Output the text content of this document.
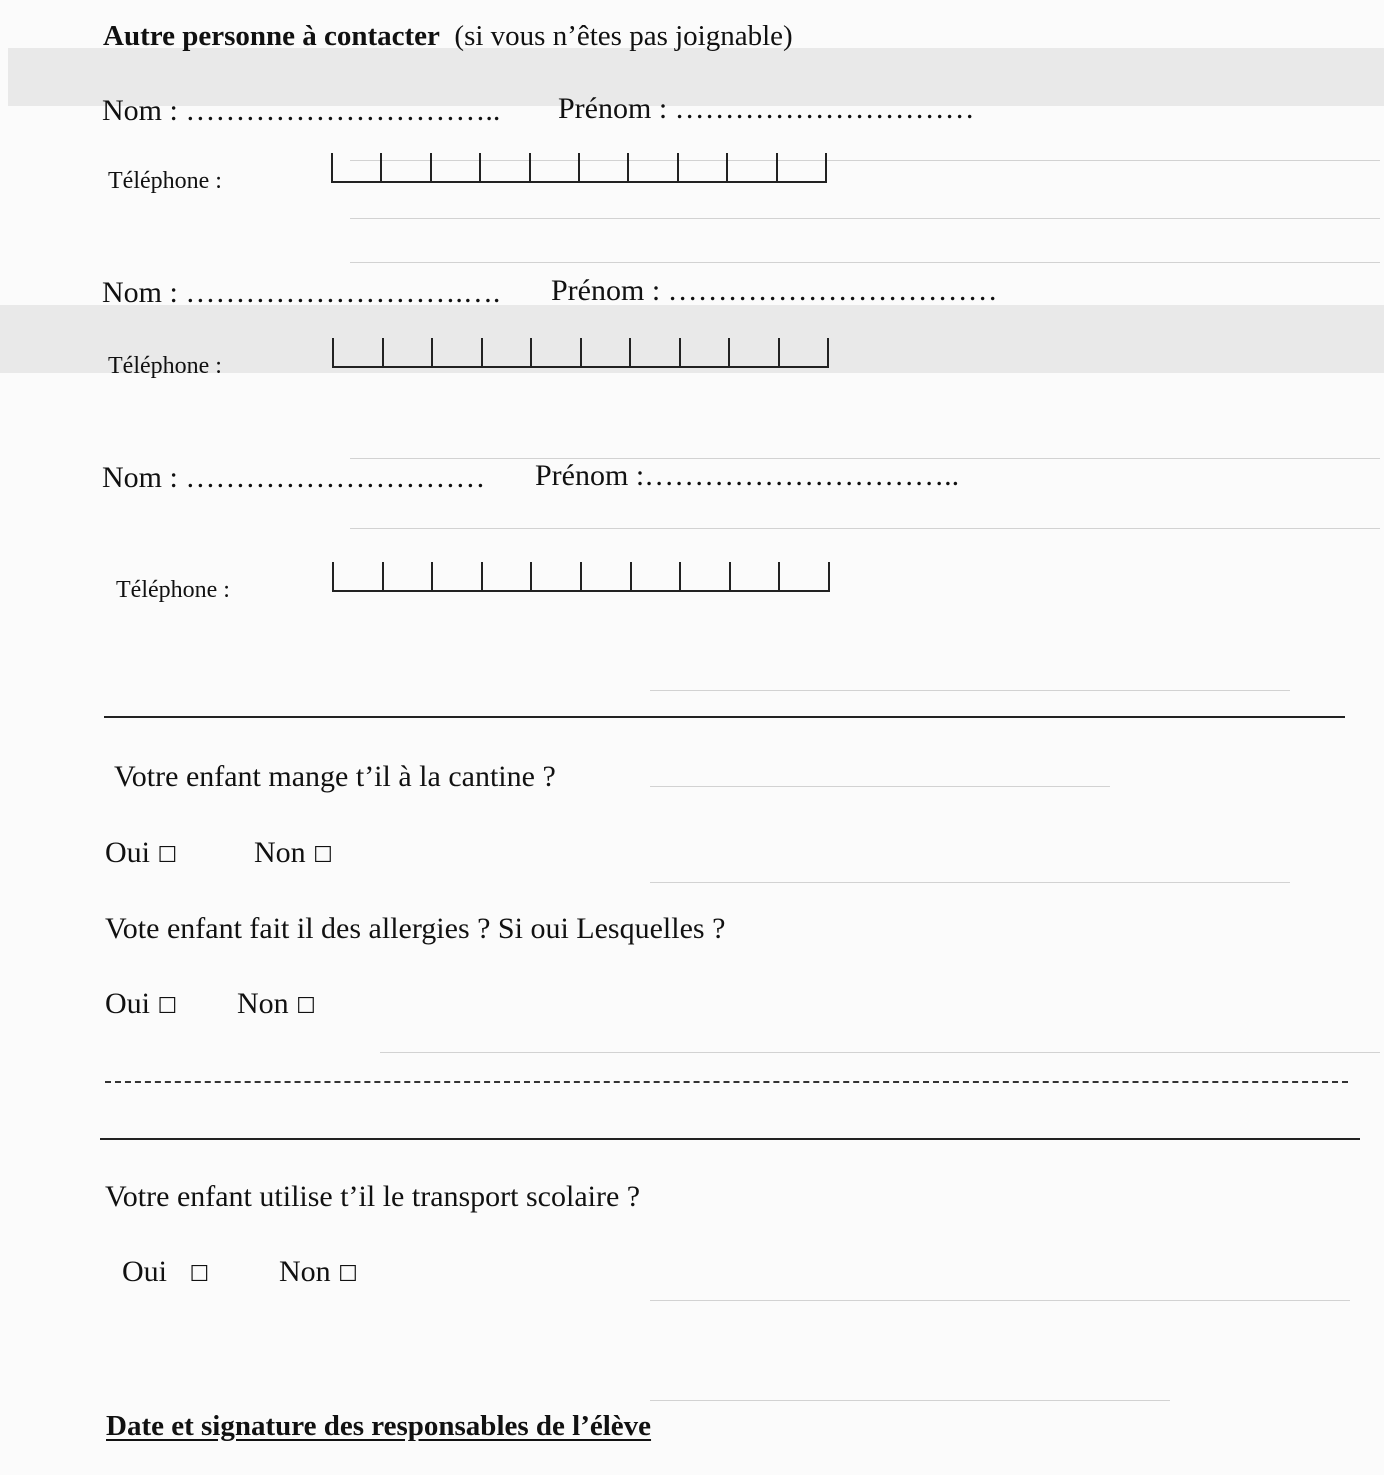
Autre personne à contacter (si vous n’êtes pas joignable)
Nom : ………………………….. Prénom : …………………………
Téléphone :
Nom : ……………………….…. Prénom : ……………………………
Téléphone :
Nom : ………………………… Prénom :…………………………..
Téléphone :
Votre enfant mange t’il à la cantine ?
Oui ☐	Non ☐
Vote enfant fait il des allergies ? Si oui Lesquelles ?
Oui ☐ Non ☐
Votre enfant utilise t’il le transport scolaire ?
Oui ☐ Non ☐
Date et signature des responsables de l’élève
